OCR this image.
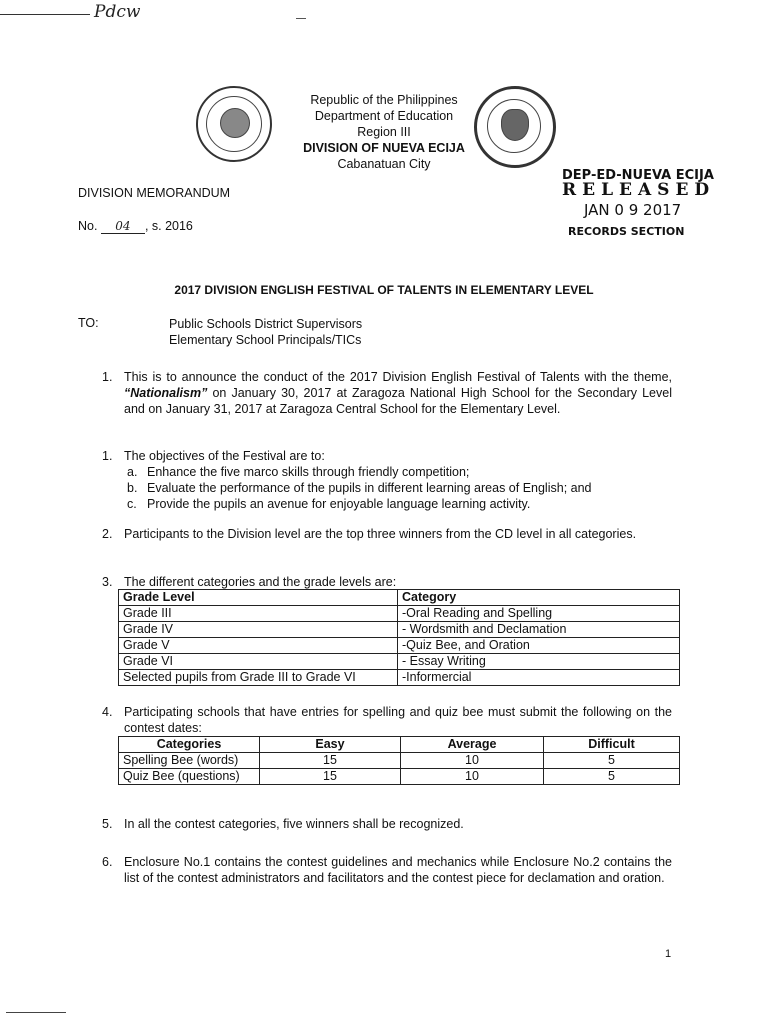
Pdcw
Republic of the Philippines
Department of Education
Region III
DIVISION OF NUEVA ECIJA
Cabanatuan City
DEP-ED-NUEVA ECIJA
RELEASED
JAN 0 9 2017
RECORDS SECTION
DIVISION MEMORANDUM
No. 04 , s. 2016
2017 DIVISION ENGLISH FESTIVAL OF TALENTS IN ELEMENTARY LEVEL
TO:	Public Schools District Supervisors
Elementary School Principals/TICs
1. This is to announce the conduct of the 2017 Division English Festival of Talents with the theme, “Nationalism” on January 30, 2017 at Zaragoza National High School for the Secondary Level and on January 31, 2017 at Zaragoza Central School for the Elementary Level.
1. The objectives of the Festival are to:
a. Enhance the five marco skills through friendly competition;
b. Evaluate the performance of the pupils in different learning areas of English; and
c. Provide the pupils an avenue for enjoyable language learning activity.
2. Participants to the Division level are the top three winners from the CD level in all categories.
3. The different categories and the grade levels are:
Grade Level	Category
Grade III	-Oral Reading and Spelling
Grade IV	- Wordsmith and Declamation
Grade V	-Quiz Bee, and Oration
Grade VI	- Essay Writing
Selected pupils from Grade III to Grade VI	-Informercial
4. Participating schools that have entries for spelling and quiz bee must submit the following on the contest dates:
Categories	Easy	Average	Difficult
Spelling Bee (words)	15	10	5
Quiz Bee (questions)	15	10	5
5. In all the contest categories, five winners shall be recognized.
6. Enclosure No.1 contains the contest guidelines and mechanics while Enclosure No.2 contains the list of the contest administrators and facilitators and the contest piece for declamation and oration.
1
